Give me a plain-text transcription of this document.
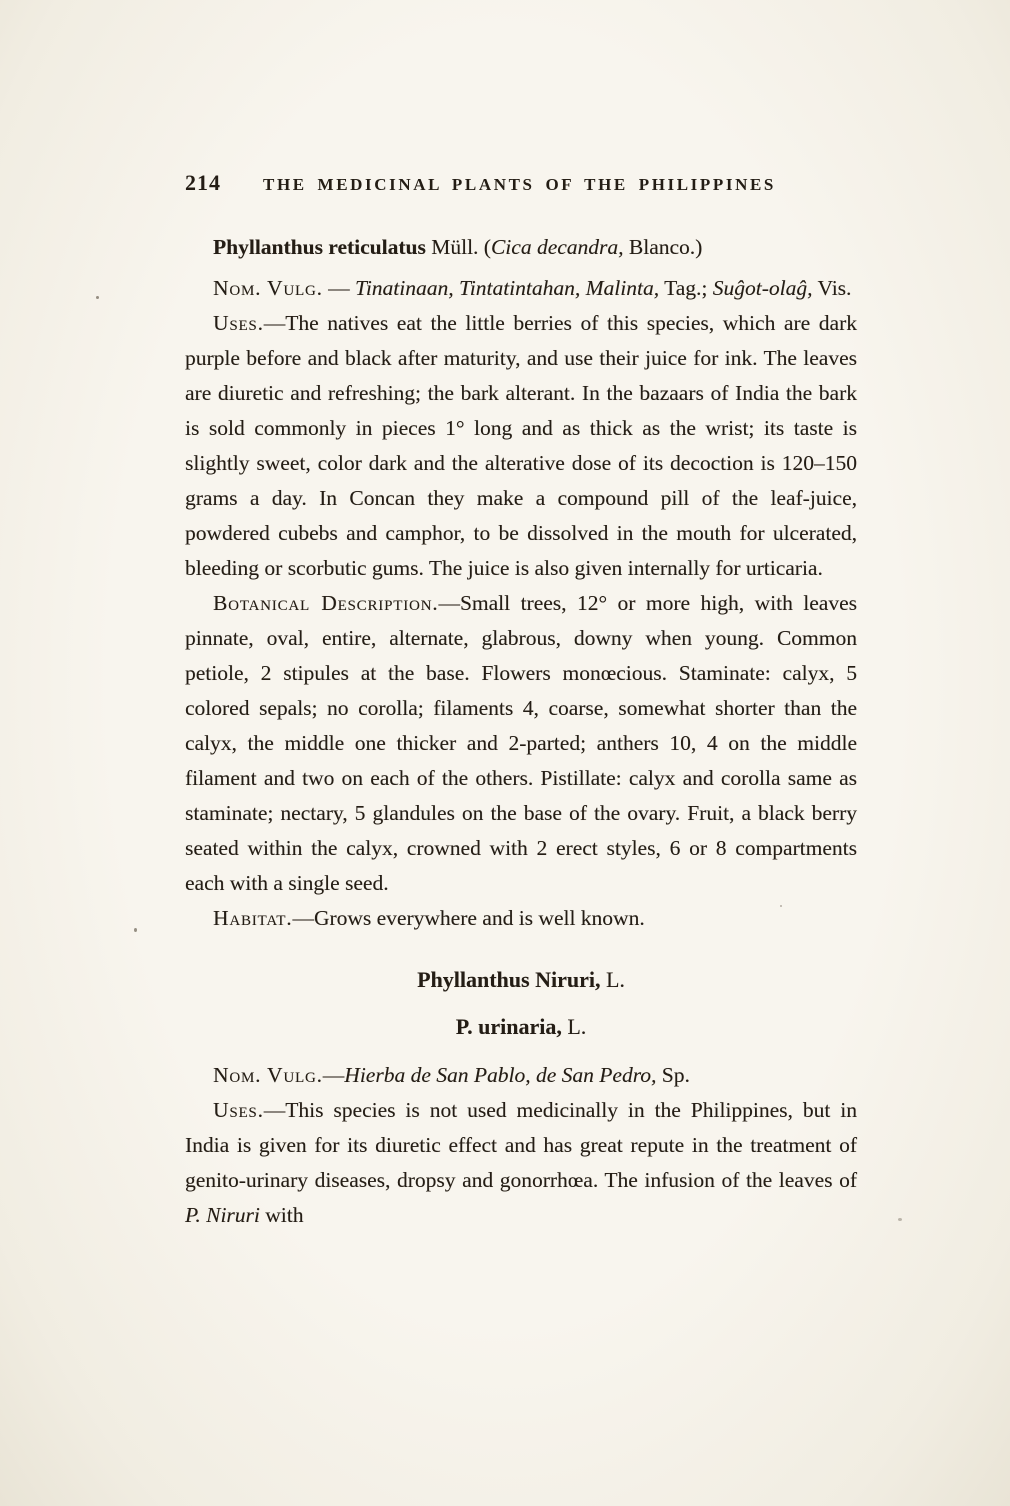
214 THE MEDICINAL PLANTS OF THE PHILIPPINES

Phyllanthus reticulatus Müll. (Cica decandra, Blanco.)

Nom. Vulg. — Tinatinaan, Tintatintahan, Malinta, Tag.; Suĝot-olaĝ, Vis.

Uses.—The natives eat the little berries of this species, which are dark purple before and black after maturity, and use their juice for ink. The leaves are diuretic and refreshing; the bark alterant. In the bazaars of India the bark is sold commonly in pieces 1° long and as thick as the wrist; its taste is slightly sweet, color dark and the alterative dose of its decoction is 120–150 grams a day. In Concan they make a compound pill of the leaf-juice, powdered cubebs and camphor, to be dissolved in the mouth for ulcerated, bleeding or scorbutic gums. The juice is also given internally for urticaria.

Botanical Description.—Small trees, 12° or more high, with leaves pinnate, oval, entire, alternate, glabrous, downy when young. Common petiole, 2 stipules at the base. Flowers monœcious. Staminate: calyx, 5 colored sepals; no corolla; filaments 4, coarse, somewhat shorter than the calyx, the middle one thicker and 2-parted; anthers 10, 4 on the middle filament and two on each of the others. Pistillate: calyx and corolla same as staminate; nectary, 5 glandules on the base of the ovary. Fruit, a black berry seated within the calyx, crowned with 2 erect styles, 6 or 8 compartments each with a single seed.

Habitat.—Grows everywhere and is well known.

Phyllanthus Niruri, L.

P. urinaria, L.

Nom. Vulg.—Hierba de San Pablo, de San Pedro, Sp.

Uses.—This species is not used medicinally in the Philippines, but in India is given for its diuretic effect and has great repute in the treatment of genito-urinary diseases, dropsy and gonorrhœa. The infusion of the leaves of P. Niruri with
